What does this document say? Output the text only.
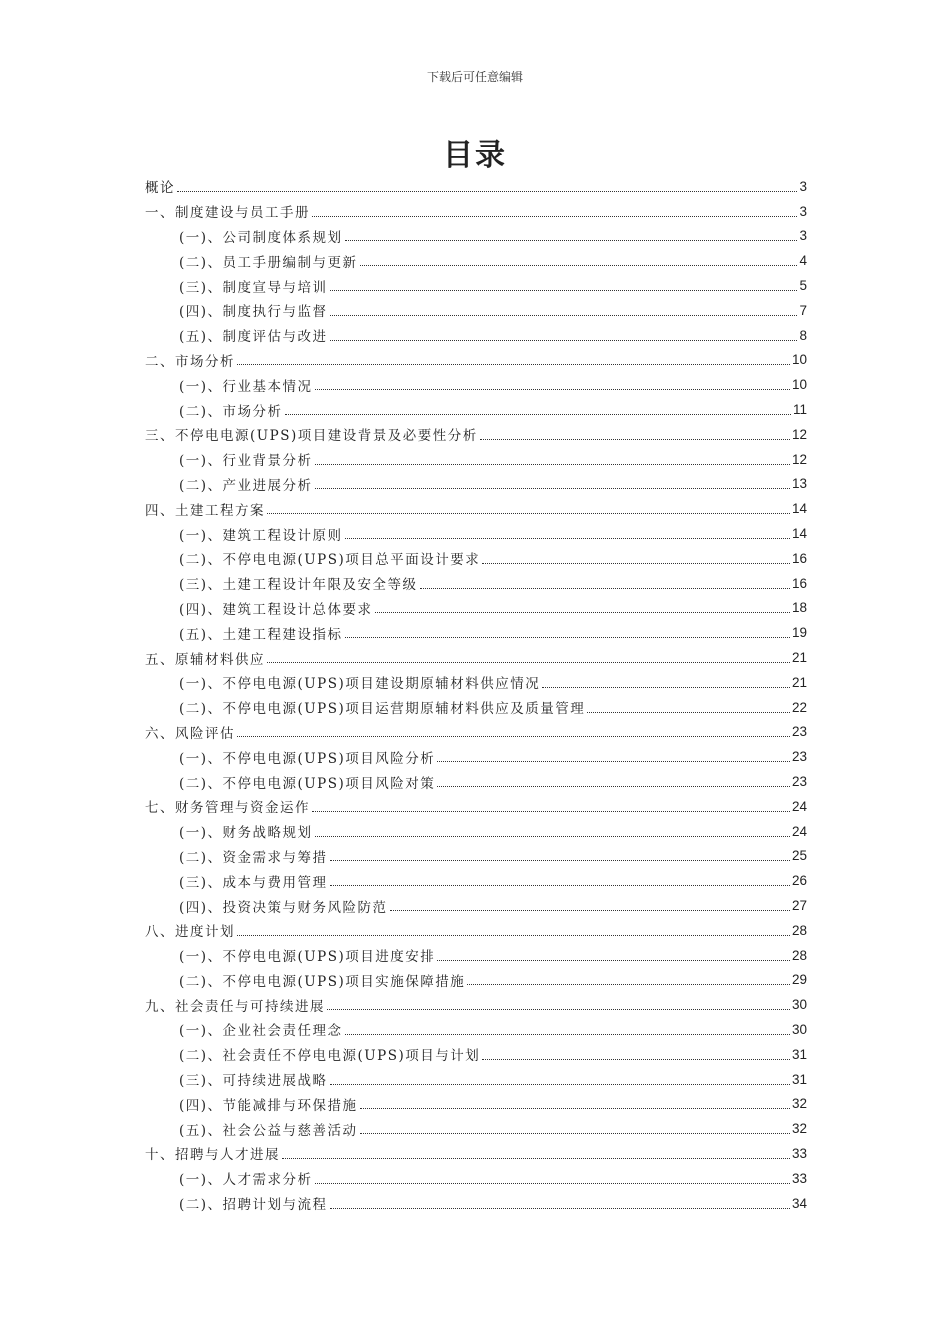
下载后可任意编辑
目录
概论	3
一、制度建设与员工手册	3
(一)、公司制度体系规划	3
(二)、员工手册编制与更新	4
(三)、制度宣导与培训	5
(四)、制度执行与监督	7
(五)、制度评估与改进	8
二、市场分析	10
(一)、行业基本情况	10
(二)、市场分析	11
三、不停电电源(UPS)项目建设背景及必要性分析	12
(一)、行业背景分析	12
(二)、产业进展分析	13
四、土建工程方案	14
(一)、建筑工程设计原则	14
(二)、不停电电源(UPS)项目总平面设计要求	16
(三)、土建工程设计年限及安全等级	16
(四)、建筑工程设计总体要求	18
(五)、土建工程建设指标	19
五、原辅材料供应	21
(一)、不停电电源(UPS)项目建设期原辅材料供应情况	21
(二)、不停电电源(UPS)项目运营期原辅材料供应及质量管理	22
六、风险评估	23
(一)、不停电电源(UPS)项目风险分析	23
(二)、不停电电源(UPS)项目风险对策	23
七、财务管理与资金运作	24
(一)、财务战略规划	24
(二)、资金需求与筹措	25
(三)、成本与费用管理	26
(四)、投资决策与财务风险防范	27
八、进度计划	28
(一)、不停电电源(UPS)项目进度安排	28
(二)、不停电电源(UPS)项目实施保障措施	29
九、社会责任与可持续进展	30
(一)、企业社会责任理念	30
(二)、社会责任不停电电源(UPS)项目与计划	31
(三)、可持续进展战略	31
(四)、节能减排与环保措施	32
(五)、社会公益与慈善活动	32
十、招聘与人才进展	33
(一)、人才需求分析	33
(二)、招聘计划与流程	34
